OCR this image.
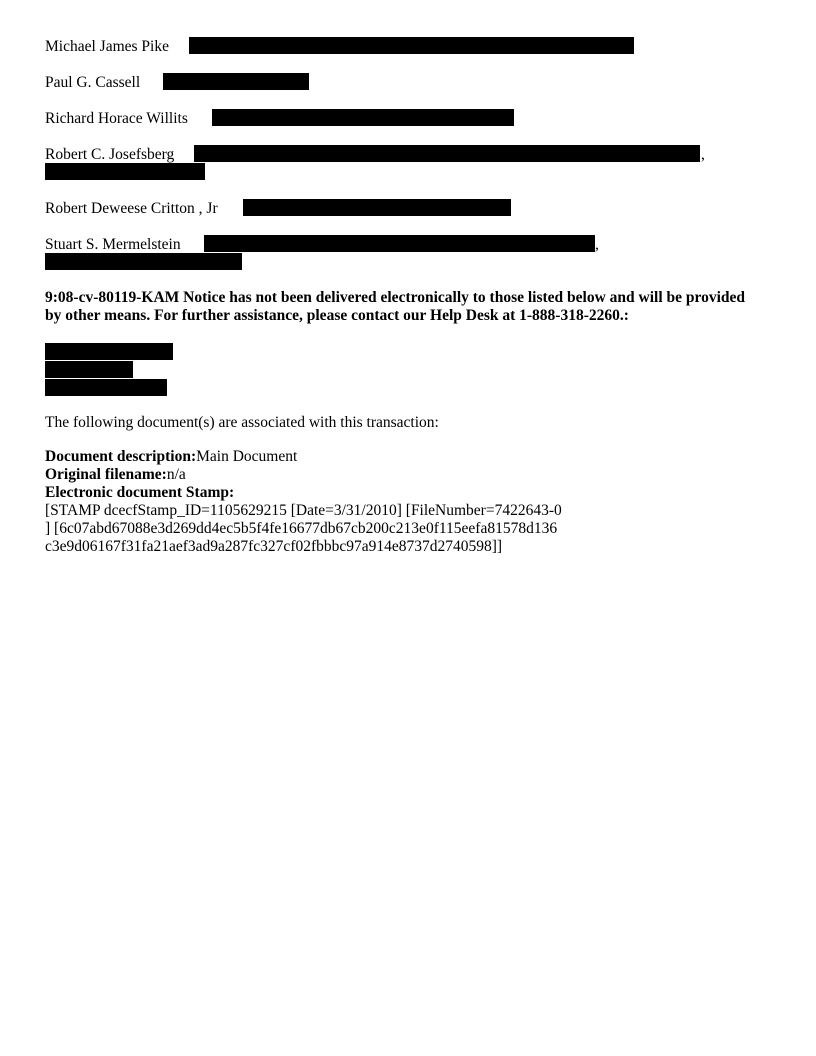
Michael James Pike
Paul G. Cassell
Richard Horace Willits
Robert C. Josefsberg	,
Robert Deweese Critton , Jr
Stuart S. Mermelstein	,

9:08-cv-80119-KAM Notice has not been delivered electronically to those listed below and will be provided

by other means. For further assistance, please contact our Help Desk at 1-888-318-2260.:

The following document(s) are associated with this transaction:
Document description:Main Document
Original filename:n/a
Electronic document Stamp:
[STAMP dcecfStamp_ID=1105629215 [Date=3/31/2010] [FileNumber=7422643-0
] [6c07abd67088e3d269dd4ec5b5f4fe16677db67cb200c213e0f115eefa81578d136
c3e9d06167f31fa21aef3ad9a287fc327cf02fbbbc97a914e8737d2740598]]
